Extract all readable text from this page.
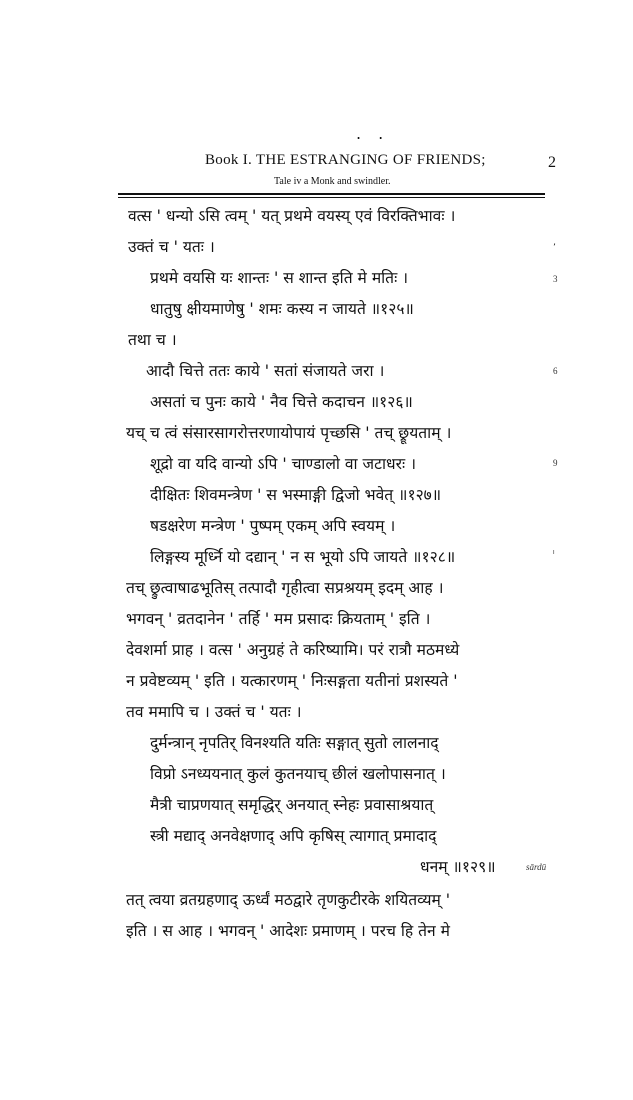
. .
Book I. THE ESTRANGING OF FRIENDS;	2
Tale iv a Monk and swindler.
वत्स ' धन्यो ऽसि त्वम् ' यत् प्रथमे वयस्य् एवं विरक्तिभावः ।
उक्तं च ' यतः ।
प्रथमे वयसि यः शान्तः ' स शान्त इति मे मतिः ।
धातुषु क्षीयमाणेषु ' शमः कस्य न जायते ॥१२५॥
तथा च ।
आदौ चित्ते ततः काये ' सतां संजायते जरा ।
असतां च पुनः काये ' नैव चित्ते कदाचन ॥१२६॥
यच् च त्वं संसारसागरोत्तरणायोपायं पृच्छसि ' तच् छ्रूयताम् ।
शूद्रो वा यदि वान्यो ऽपि ' चाण्डालो वा जटाधरः ।
दीक्षितः शिवमन्त्रेण ' स भस्माङ्गी द्विजो भवेत् ॥१२७॥
षडक्षरेण मन्त्रेण ' पुष्पम् एकम् अपि स्वयम् ।
लिङ्गस्य मूर्ध्नि यो दद्यान् ' न स भूयो ऽपि जायते ॥१२८॥
तच् छ्रुत्वाषाढभूतिस् तत्पादौ गृहीत्वा सप्रश्रयम् इदम् आह ।
भगवन् ' व्रतदानेन ' तर्हि ' मम प्रसादः क्रियताम् ' इति ।
देवशर्मा प्राह । वत्स ' अनुग्रहं ते करिष्यामि। परं रात्रौ मठमध्ये
न प्रवेष्टव्यम् ' इति । यत्कारणम् ' निःसङ्गता यतीनां प्रशस्यते '
तव ममापि च । उक्तं च ' यतः ।
दुर्मन्त्रान् नृपतिर् विनश्यति यतिः सङ्गात् सुतो लालनाद्
विप्रो ऽनध्ययनात् कुलं कुतनयाच् छीलं खलोपासनात् ।
मैत्री चाप्रणयात् समृद्धिर् अनयात् स्नेहः प्रवासाश्रयात्
स्त्री मद्याद् अनवेक्षणाद् अपि कृषिस् त्यागात् प्रमादाद्
धनम् ॥१२९॥
तत् त्वया व्रतग्रहणाद् ऊर्ध्वं मठद्वारे तृणकुटीरके शयितव्यम् '
इति । स आह । भगवन् ' आदेशः प्रमाणम् । परच हि तेन मे
3
6
9
sārdū
ʼ
ˡ
